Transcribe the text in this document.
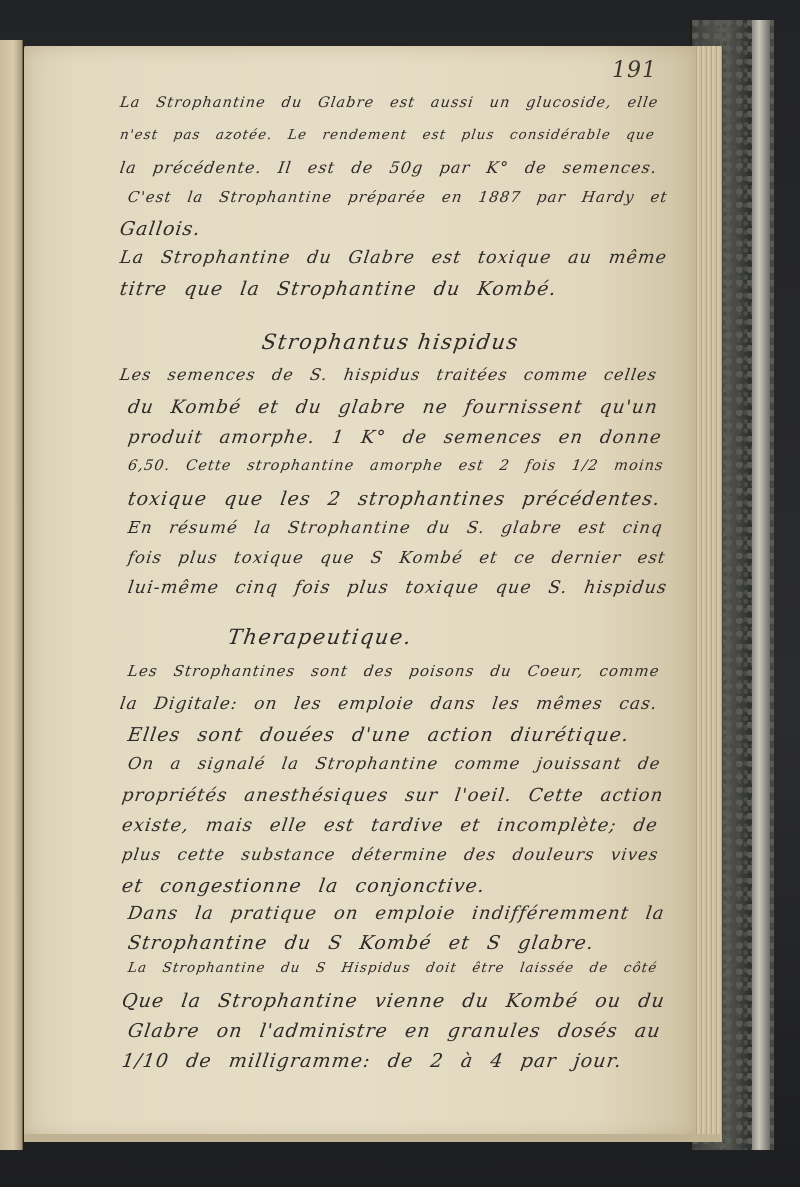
191
La Strophantine du Glabre est aussi un glucoside, elle
n'est pas azotée. Le rendement est plus considérable que
la précédente. Il est de 50g par K° de semences.
C'est la Strophantine préparée en 1887 par Hardy et
Gallois.
La Strophantine du Glabre est toxique au même
titre que la Strophantine du Kombé.
Strophantus hispidus
Les semences de S. hispidus traitées comme celles
du Kombé et du glabre ne fournissent qu'un
produit amorphe. 1 K° de semences en donne
6,50. Cette strophantine amorphe est 2 fois 1/2 moins
toxique que les 2 strophantines précédentes.
En résumé la Strophantine du S. glabre est cinq
fois plus toxique que S Kombé et ce dernier est
lui-même cinq fois plus toxique que S. hispidus
Therapeutique.
Les Strophantines sont des poisons du Coeur, comme
la Digitale: on les emploie dans les mêmes cas.
Elles sont douées d'une action diurétique.
On a signalé la Strophantine comme jouissant de
propriétés anesthésiques sur l'oeil. Cette action
existe, mais elle est tardive et incomplète; de
plus cette substance détermine des douleurs vives
et congestionne la conjonctive.
Dans la pratique on emploie indifféremment la
Strophantine du S Kombé et S glabre.
La Strophantine du S Hispidus doit être laissée de côté
Que la Strophantine vienne du Kombé ou du
Glabre on l'administre en granules dosés au
1/10 de milligramme: de 2 à 4 par jour.
